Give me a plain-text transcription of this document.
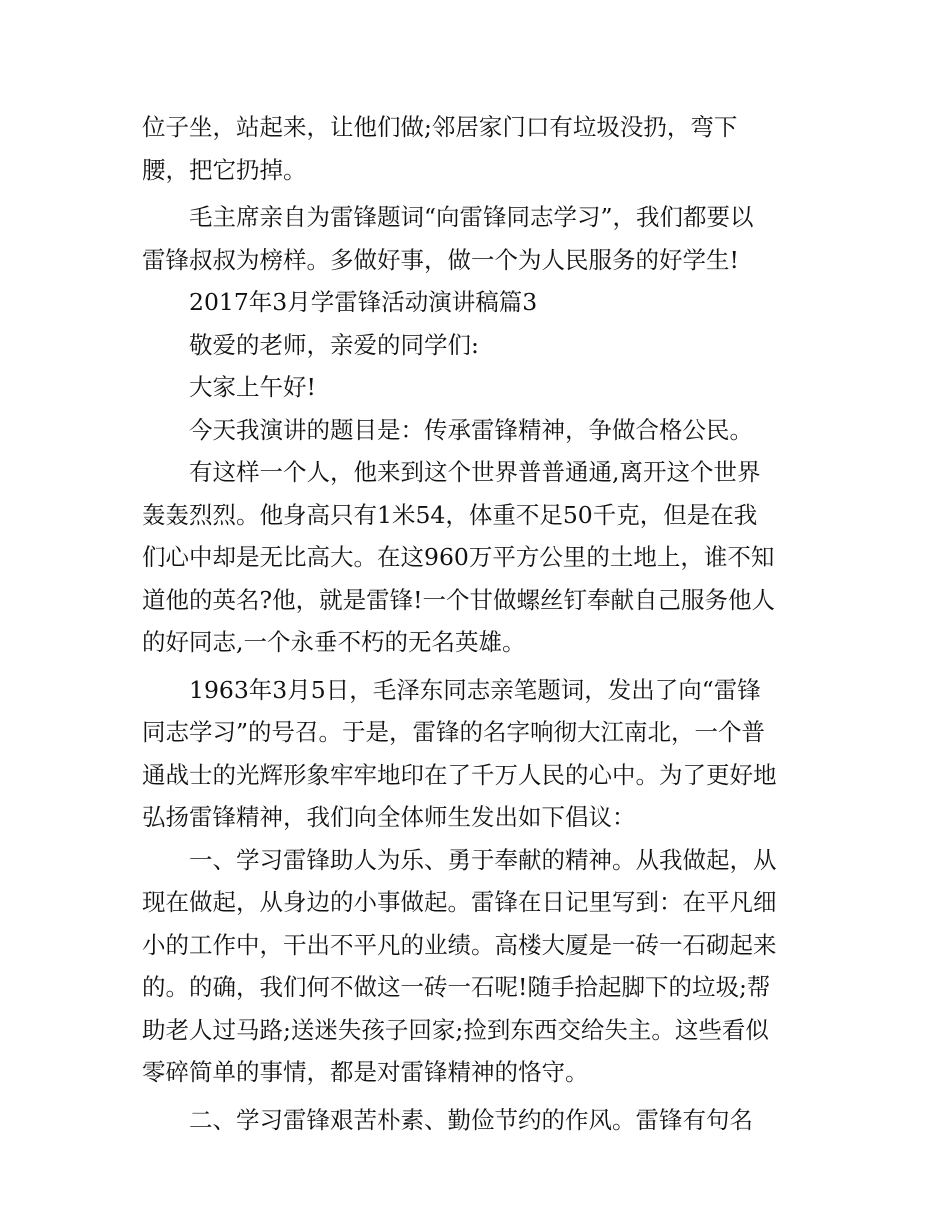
位子坐，站起来，让他们做;邻居家门口有垃圾没扔，弯下
腰，把它扔掉。
　　毛主席亲自为雷锋题词“向雷锋同志学习”，我们都要以
雷锋叔叔为榜样。多做好事，做一个为人民服务的好学生!
　　2017年3月学雷锋活动演讲稿篇3
　　敬爱的老师，亲爱的同学们:
　　大家上午好!
　　今天我演讲的题目是：传承雷锋精神，争做合格公民。
　　有这样一个人，他来到这个世界普普通通,离开这个世界
轰轰烈烈。他身高只有1米54，体重不足50千克，但是在我
们心中却是无比高大。在这960万平方公里的土地上，谁不知
道他的英名?他，就是雷锋!一个甘做螺丝钉奉献自己服务他人
的好同志,一个永垂不朽的无名英雄。
　　1963年3月5日，毛泽东同志亲笔题词，发出了向“雷锋
同志学习”的号召。于是，雷锋的名字响彻大江南北，一个普
通战士的光辉形象牢牢地印在了千万人民的心中。为了更好地
弘扬雷锋精神，我们向全体师生发出如下倡议：
　　一、学习雷锋助人为乐、勇于奉献的精神。从我做起，从
现在做起，从身边的小事做起。雷锋在日记里写到：在平凡细
小的工作中，干出不平凡的业绩。高楼大厦是一砖一石砌起来
的。的确，我们何不做这一砖一石呢!随手拾起脚下的垃圾;帮
助老人过马路;送迷失孩子回家;捡到东西交给失主。这些看似
零碎简单的事情，都是对雷锋精神的恪守。
　　二、学习雷锋艰苦朴素、勤俭节约的作风。雷锋有句名
